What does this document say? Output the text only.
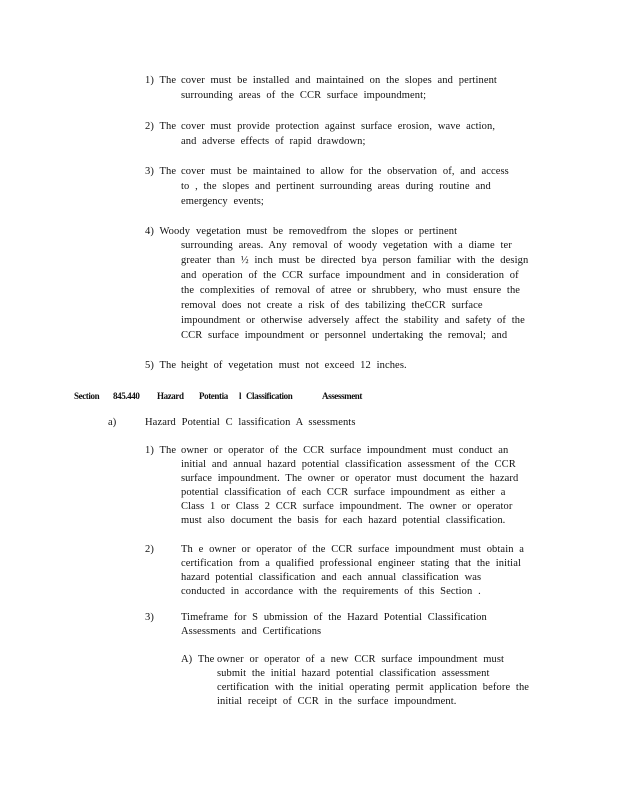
1) The cover must be installed and maintained on the slopes and pertinent
surrounding areas of the CCR surface impoundment;
2) The cover must provide protection against surface erosion, wave action,
and adverse effects of rapid drawdown;
3) The cover must be maintained to allow for the observation of, and access
to , the slopes and pertinent surrounding areas during routine and
emergency events;
4) Woody vegetation must be removedfrom the slopes or pertinent
surrounding areas. Any removal of woody vegetation with a diame ter
greater than ½ inch must be directed bya person familiar with the design
and operation of the CCR surface impoundment and in consideration of
the complexities of removal of atree or shrubbery, who must ensure the
removal does not create a risk of des tabilizing theCCR surface
impoundment or otherwise adversely affect the stability and safety of the
CCR surface impoundment or personnel undertaking the removal; and
5) The height of vegetation must not exceed 12 inches.
Section 845.440 Hazard Potentia l Classification	Assessment
a)	Hazard Potential C lassification A ssessments
1) The owner or operator of the CCR surface impoundment must conduct an
initial and annual hazard potential classification assessment of the CCR
surface impoundment. The owner or operator must document the hazard
potential classification of each CCR surface impoundment as either a
Class 1 or Class 2 CCR surface impoundment. The owner or operator
must also document the basis for each hazard potential classification.
2)	Th e owner or operator of the CCR surface impoundment must obtain a
certification from a qualified professional engineer stating that the initial
hazard potential classification and each annual classification was
conducted in accordance with the requirements of this Section .
3)	Timeframe for S ubmission of the Hazard Potential Classification
Assessments and Certifications
A) The owner or operator of a new CCR surface impoundment must
submit the initial hazard potential classification assessment
certification with the initial operating permit application before the
initial receipt of CCR in the surface impoundment.
